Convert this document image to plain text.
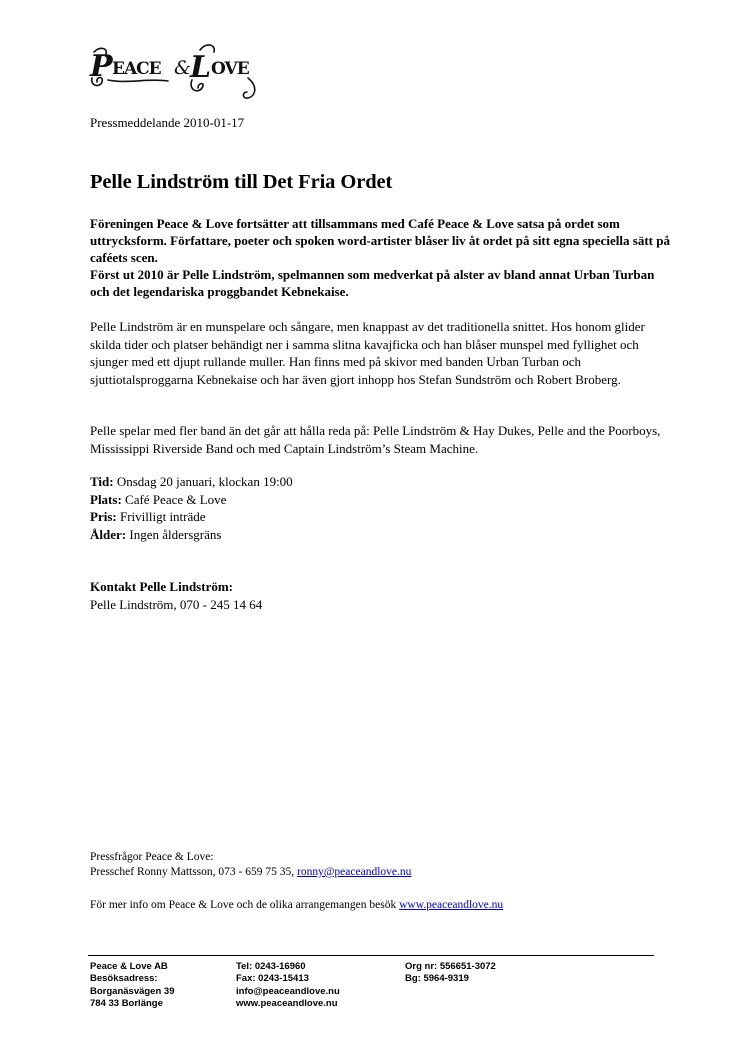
P EACE & L OVE
Pressmeddelande 2010-01-17
Pelle Lindström till Det Fria Ordet
Föreningen Peace & Love fortsätter att tillsammans med Café Peace & Love satsa på ordet som uttrycksform. Författare, poeter och spoken word-artister blåser liv åt ordet på sitt egna speciella sätt på caféets scen.
Först ut 2010 är Pelle Lindström, spelmannen som medverkat på alster av bland annat Urban Turban och det legendariska proggbandet Kebnekaise.

Pelle Lindström är en munspelare och sångare, men knappast av det traditionella snittet. Hos honom glider skilda tider och platser behändigt ner i samma slitna kavajficka och han blåser munspel med fyllighet och sjunger med ett djupt rullande muller. Han finns med på skivor med banden Urban Turban och sjuttiotalsproggarna Kebnekaise och har även gjort inhopp hos Stefan Sundström och Robert Broberg.

Pelle spelar med fler band än det går att hålla reda på: Pelle Lindström & Hay Dukes, Pelle and the Poorboys, Mississippi Riverside Band och med Captain Lindström’s Steam Machine.

Tid: Onsdag 20 januari, klockan 19:00
Plats: Café Peace & Love
Pris: Frivilligt inträde
Ålder: Ingen åldersgräns
Kontakt Pelle Lindström:
Pelle Lindström, 070 - 245 14 64
Pressfrågor Peace & Love:
Presschef Ronny Mattsson, 073 - 659 75 35, ronny@peaceandlove.nu
För mer info om Peace & Love och de olika arrangemangen besök www.peaceandlove.nu
Peace & Love AB
Besöksadress:
Borganäsvägen 39
784 33 Borlänge
Tel: 0243-16960
Fax: 0243-15413
info@peaceandlove.nu
www.peaceandlove.nu
Org nr: 556651-3072
Bg: 5964-9319
